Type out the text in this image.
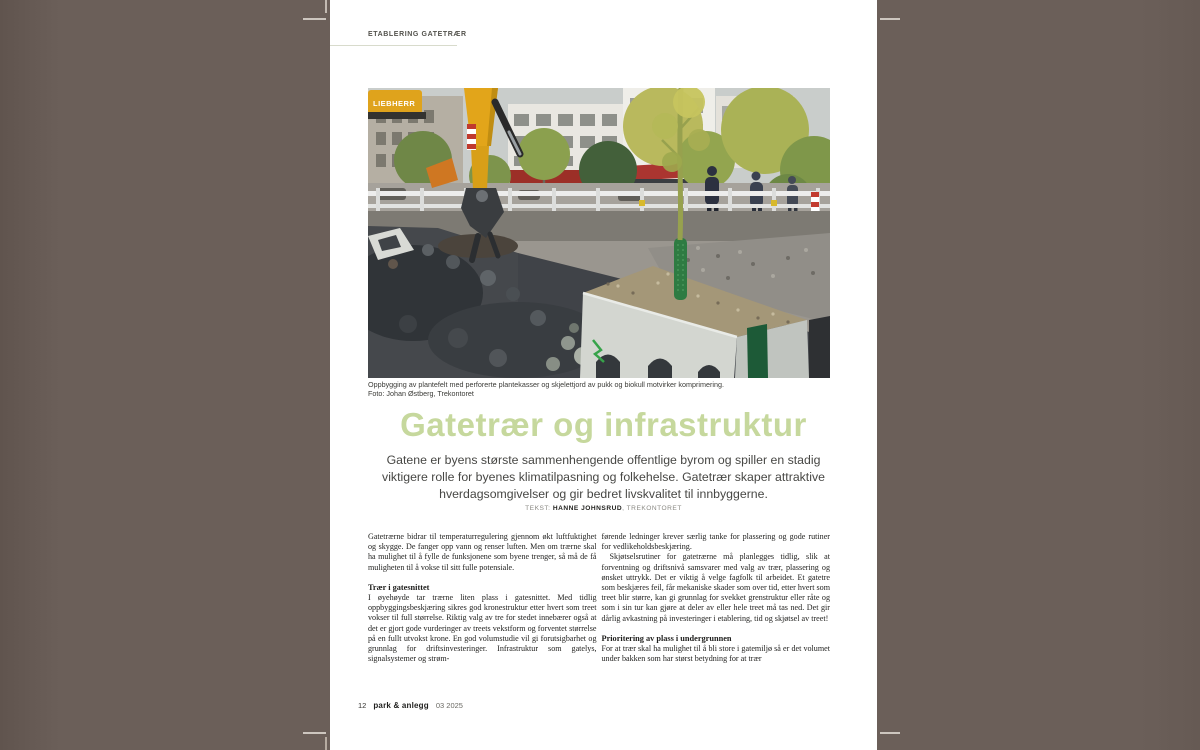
ETABLERING GATETRÆR
LIEBHERR
Oppbygging av plantefelt med perforerte plantekasser og skjelettjord av pukk og biokull motvirker komprimering.
Foto: Johan Østberg, Trekontoret
Gatetrær og infrastruktur

Gatene er byens største sammenhengende offentlige byrom og spiller en stadig viktigere rolle for byenes klimatilpasning og folkehelse. Gatetrær skaper attraktive hverdagsomgivelser og gir bedret livskvalitet til innbyggerne.

TEKST: HANNE JOHNSRUD, TREKONTORET

Gatetrærne bidrar til temperaturregulering gjennom økt luftfuktighet og skygge. De fanger opp vann og renser luften. Men om trærne skal ha mulighet til å fylle de funksjonene som byene trenger, så må de få muligheten til å vokse til sitt fulle potensiale.

Trær i gatesnittet

I øyehøyde tar trærne liten plass i gatesnittet. Med tidlig oppbyggingsbeskjæring sikres god kronestruktur etter hvert som treet vokser til full størrelse. Riktig valg av tre for stedet innebærer også at det er gjort gode vurderinger av treets vekstform og forventet størrelse på en fullt utvokst krone. En god volumstudie vil gi forutsigbarhet og grunnlag for driftsinvesteringer. Infrastruktur som gatelys, signalsystemer og strøm-

førende ledninger krever særlig tanke for plassering og gode rutiner for vedlikeholdsbeskjæring.

Skjøtselsrutiner for gatetrærne må planlegges tidlig, slik at forventning og driftsnivå samsvarer med valg av trær, plassering og ønsket uttrykk. Det er viktig å velge fagfolk til arbeidet. Et gatetre som beskjæres feil, får mekaniske skader som over tid, etter hvert som treet blir større, kan gi grunnlag for svekket grenstruktur eller råte og som i sin tur kan gjøre at deler av eller hele treet må tas ned. Det gir dårlig avkastning på investeringer i etablering, tid og skjøtsel av treet!

Prioritering av plass i undergrunnen

For at trær skal ha mulighet til å bli store i gatemiljø så er det volumet under bakken som har størst betydning for at trær

12 park & anlegg 03 2025
